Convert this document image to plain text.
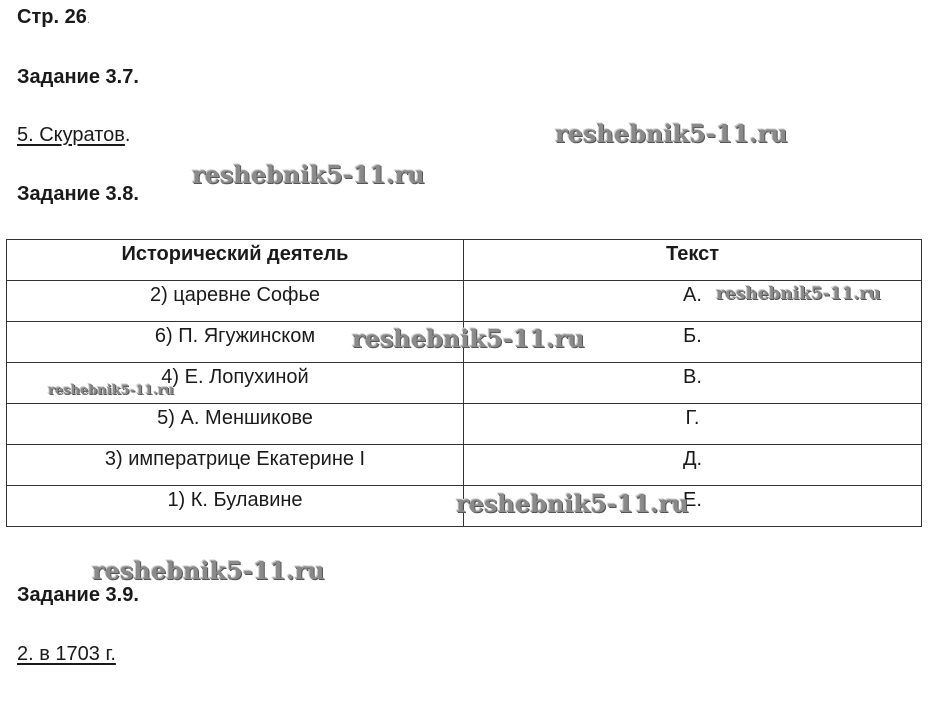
Стр. 26.
Задание 3.7.
5. Скуратов.
Задание 3.8.
Исторический деятель	Текст
2) царевне Софье	А.
6) П. Ягужинском	Б.
4) Е. Лопухиной	В.
5) А. Меншикове	Г.
3) императрице Екатерине I	Д.
1) К. Булавине	Е.
Задание 3.9.
2. в 1703 г.
reshebnik5-11.ru
reshebnik5-11.ru
reshebnik5-11.ru
reshebnik5-11.ru
reshebnik5-11.ru
reshebnik5-11.ru
reshebnik5-11.ru
